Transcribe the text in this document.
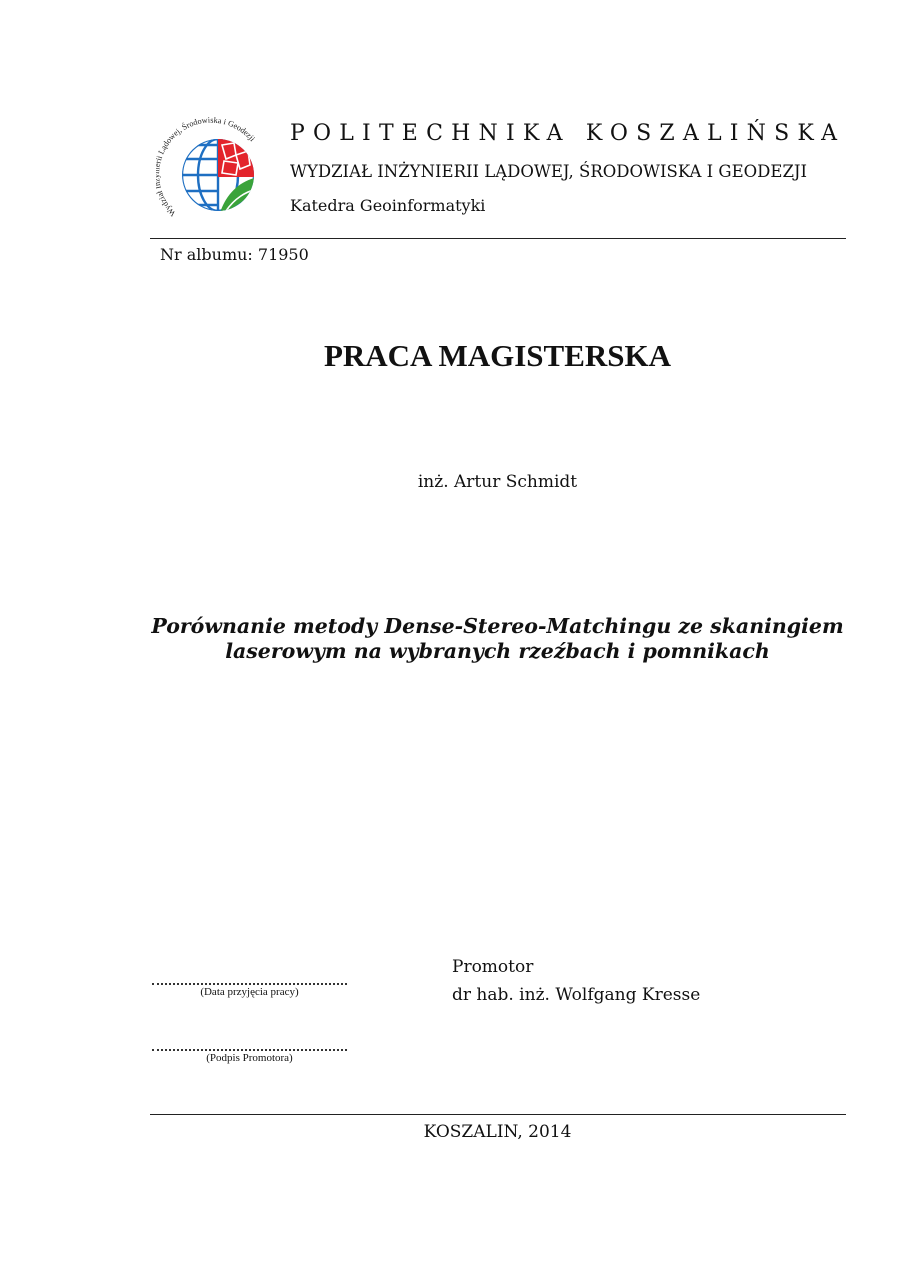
Wydzia Lądowej, Środowiska i Geodezji POLITECHNIKA KOSZALIŃSKA
WYDZIAŁ INŻYNIERII LĄDOWEJ, ŚRODOWISKA I GEODEZJI
Katedra Geoinformatyki
Nr albumu: 71950
PRACA MAGISTERSKA
inż. Artur Schmidt
Porównanie metody Dense-Stereo-Matchingu ze skaningiem laserowym na wybranych rzeźbach i pomnikach
Promotor
dr hab. inż. Wolfgang Kresse
(Data przyjęcia pracy)
(Podpis Promotora)
KOSZALIN, 2014
